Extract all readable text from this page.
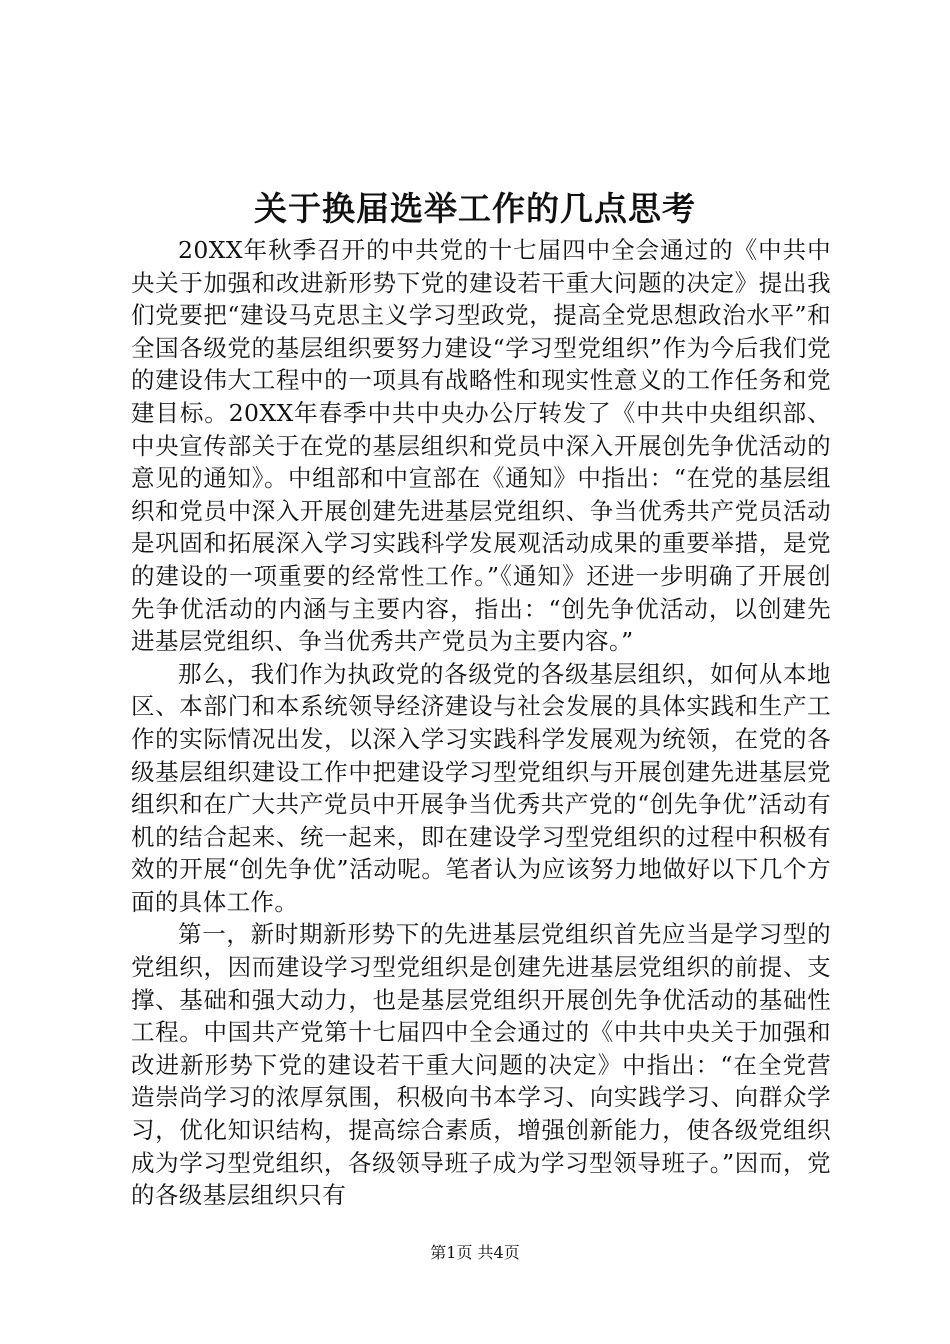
关于换届选举工作的几点思考

20XX年秋季召开的中共党的十七届四中全会通过的《中共中央关于加强和改进新形势下党的建设若干重大问题的决定》提出我们党要把“建设马克思主义学习型政党，提高全党思想政治水平”和全国各级党的基层组织要努力建设“学习型党组织”作为今后我们党的建设伟大工程中的一项具有战略性和现实性意义的工作任务和党建目标。20XX年春季中共中央办公厅转发了《中共中央组织部、中央宣传部关于在党的基层组织和党员中深入开展创先争优活动的意见的通知》。中组部和中宣部在《通知》中指出：“在党的基层组织和党员中深入开展创建先进基层党组织、争当优秀共产党员活动是巩固和拓展深入学习实践科学发展观活动成果的重要举措，是党的建设的一项重要的经常性工作。”《通知》还进一步明确了开展创先争优活动的内涵与主要内容，指出：“创先争优活动，以创建先进基层党组织、争当优秀共产党员为主要内容。”

那么，我们作为执政党的各级党的各级基层组织，如何从本地区、本部门和本系统领导经济建设与社会发展的具体实践和生产工作的实际情况出发，以深入学习实践科学发展观为统领，在党的各级基层组织建设工作中把建设学习型党组织与开展创建先进基层党组织和在广大共产党员中开展争当优秀共产党的“创先争优”活动有机的结合起来、统一起来，即在建设学习型党组织的过程中积极有效的开展“创先争优”活动呢。笔者认为应该努力地做好以下几个方面的具体工作。

第一，新时期新形势下的先进基层党组织首先应当是学习型的党组织，因而建设学习型党组织是创建先进基层党组织的前提、支撑、基础和强大动力，也是基层党组织开展创先争优活动的基础性工程。中国共产党第十七届四中全会通过的《中共中央关于加强和改进新形势下党的建设若干重大问题的决定》中指出：“在全党营造崇尚学习的浓厚氛围，积极向书本学习、向实践学习、向群众学习，优化知识结构，提高综合素质，增强创新能力，使各级党组织成为学习型党组织，各级领导班子成为学习型领导班子。”因而，党的各级基层组织只有

第1页 共4页
